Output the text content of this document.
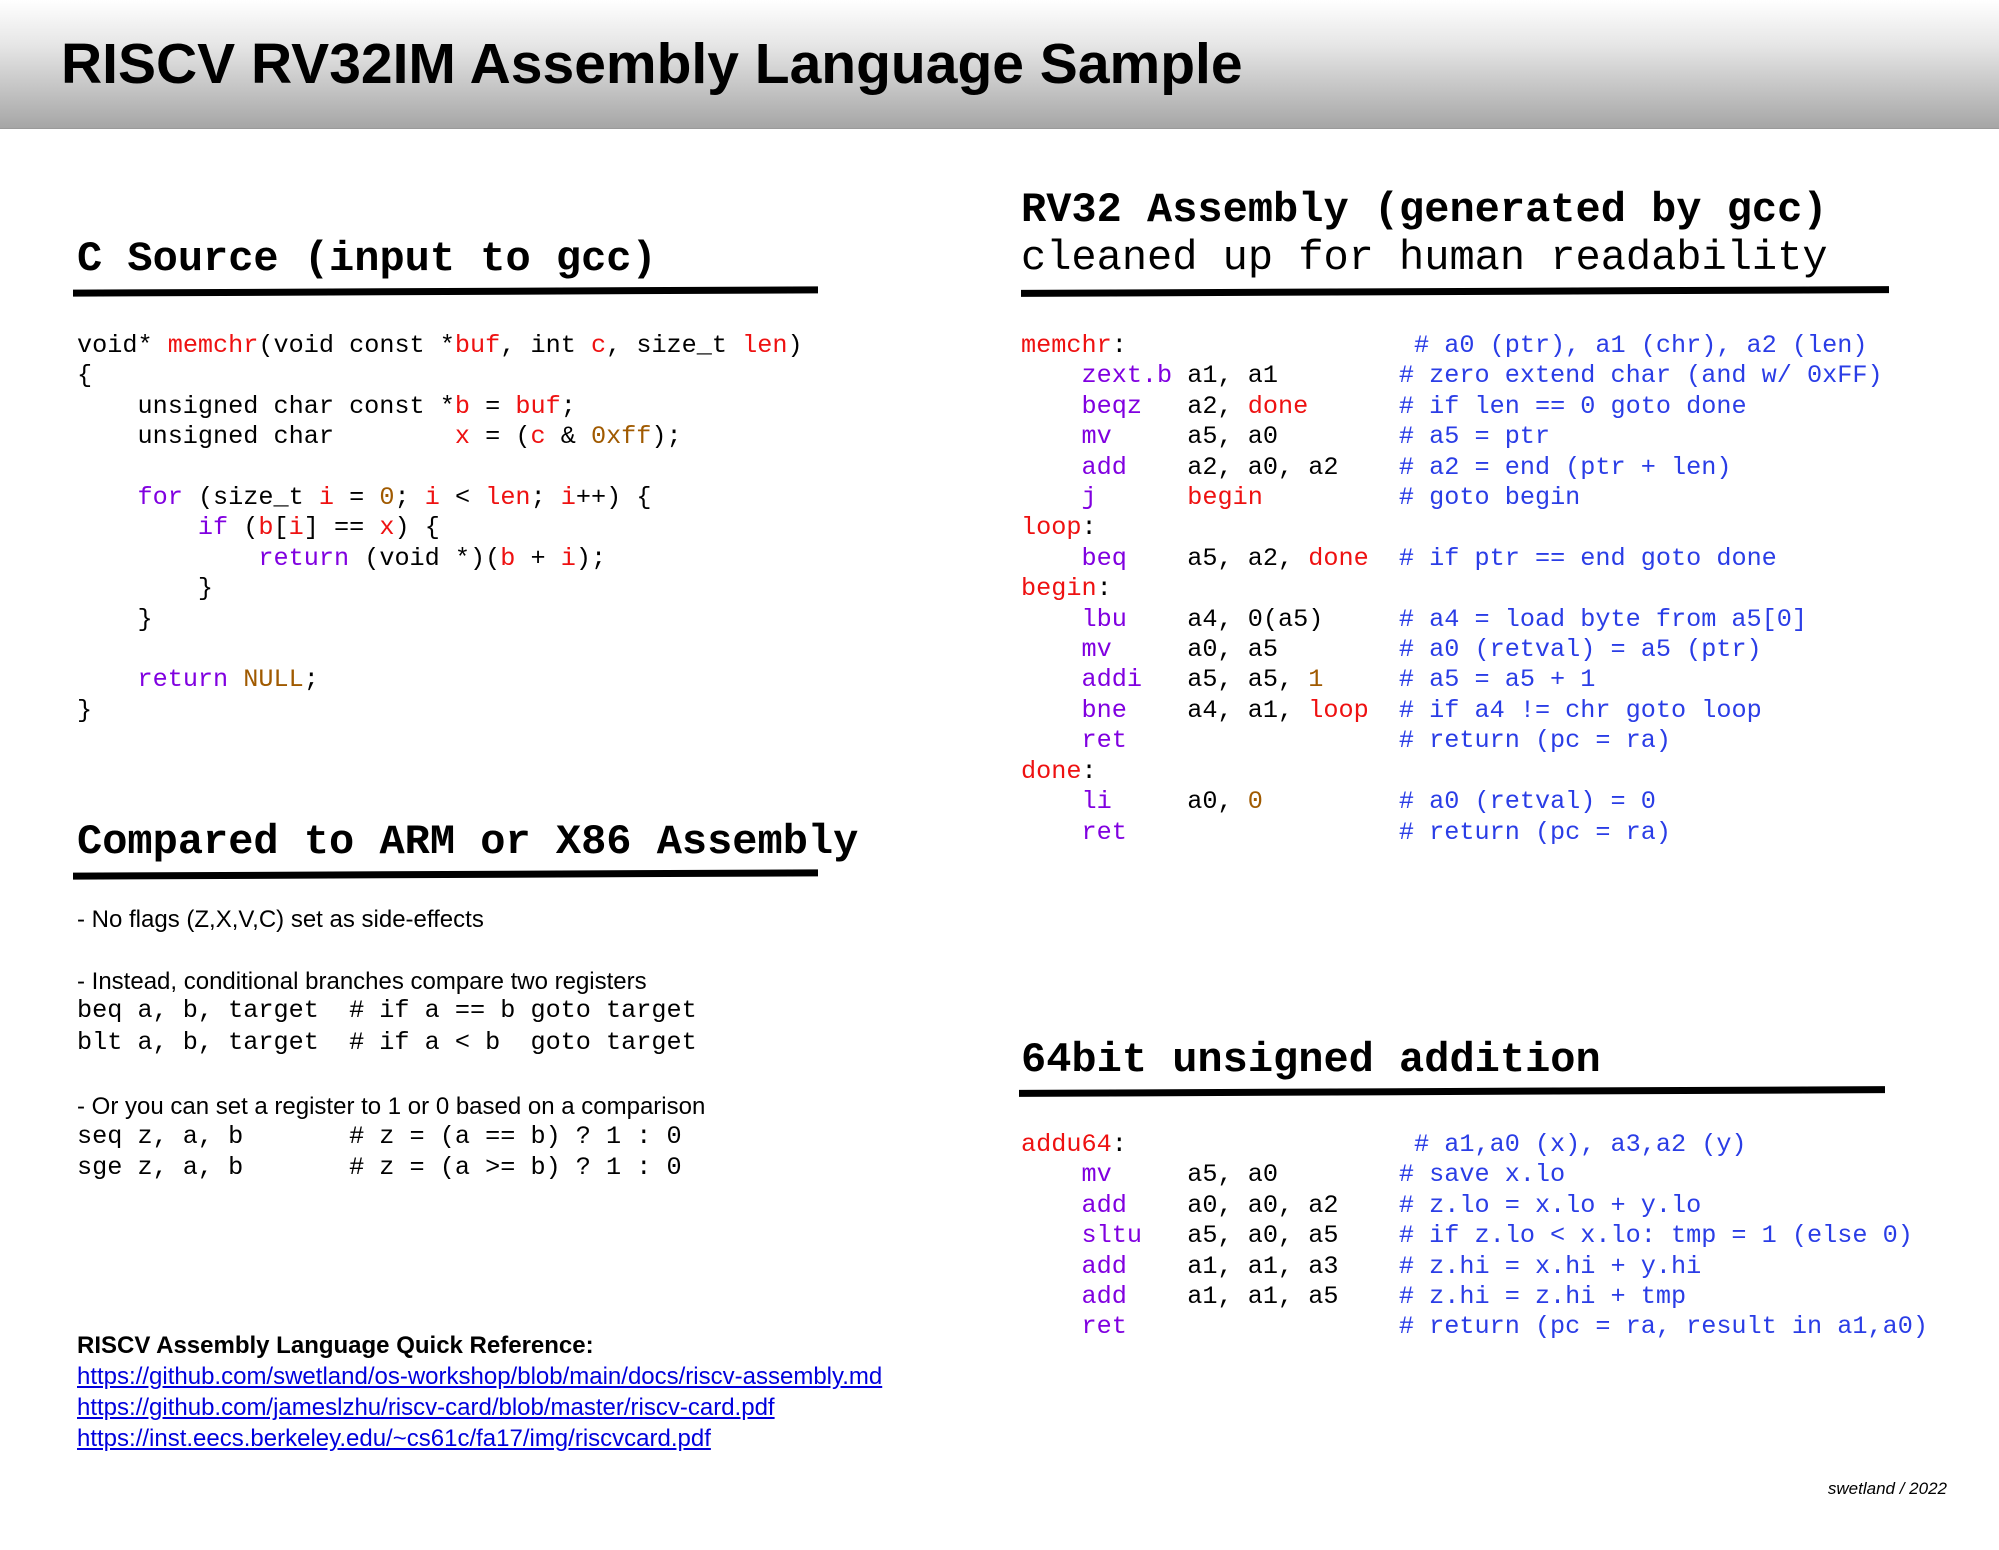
RISCV RV32IM Assembly Language Sample
C Source (input to gcc)
void* memchr(void const *buf, int c, size_t len)
{
unsigned char const *b = buf;
unsigned char        x = (c & 0xff);

for (size_t i = 0; i < len; i++) {
if (b[i] == x) {
return (void *)(b + i);
}
}

return NULL;
}
Compared to ARM or X86 Assembly
- No flags (Z,X,V,C) set as side-effects
- Instead, conditional branches compare two registers
beq a, b, target  # if a == b goto target
blt a, b, target  # if a < b  goto target
- Or you can set a register to 1 or 0 based on a comparison
seq z, a, b       # z = (a == b) ? 1 : 0
sge z, a, b       # z = (a >= b) ? 1 : 0
RISCV Assembly Language Quick Reference:
https://github.com/swetland/os-workshop/blob/main/docs/riscv-assembly.md
https://github.com/jameslzhu/riscv-card/blob/master/riscv-card.pdf
https://inst.eecs.berkeley.edu/~cs61c/fa17/img/riscvcard.pdf
RV32 Assembly (generated by gcc)
cleaned up for human readability
memchr:                   # a0 (ptr), a1 (chr), a2 (len)
zext.b a1, a1        # zero extend char (and w/ 0xFF)
beqz   a2, done	# if len == 0 goto done
mv     a5, a0        # a5 = ptr
add    a2, a0, a2    # a2 = end (ptr + len)
j	begin	# goto begin
loop:
beq    a5, a2, done # if ptr == end goto done
begin:
lbu    a4, 0(a5)     # a4 = load byte from a5[0]
mv     a0, a5        # a0 (retval) = a5 (ptr)
addi   a5, a5, 1	# a5 = a5 + 1
bne    a4, a1, loop # if a4 != chr goto loop
ret	# return (pc = ra)
done:
li     a0, 0	# a0 (retval) = 0
ret	# return (pc = ra)
64bit unsigned addition
addu64:                   # a1,a0 (x), a3,a2 (y)
mv     a5, a0        # save x.lo
add    a0, a0, a2    # z.lo = x.lo + y.lo
sltu   a5, a0, a5    # if z.lo < x.lo: tmp = 1 (else 0)
add    a1, a1, a3    # z.hi = x.hi + y.hi
add    a1, a1, a5    # z.hi = z.hi + tmp
ret	# return (pc = ra, result in a1,a0)
swetland / 2022
